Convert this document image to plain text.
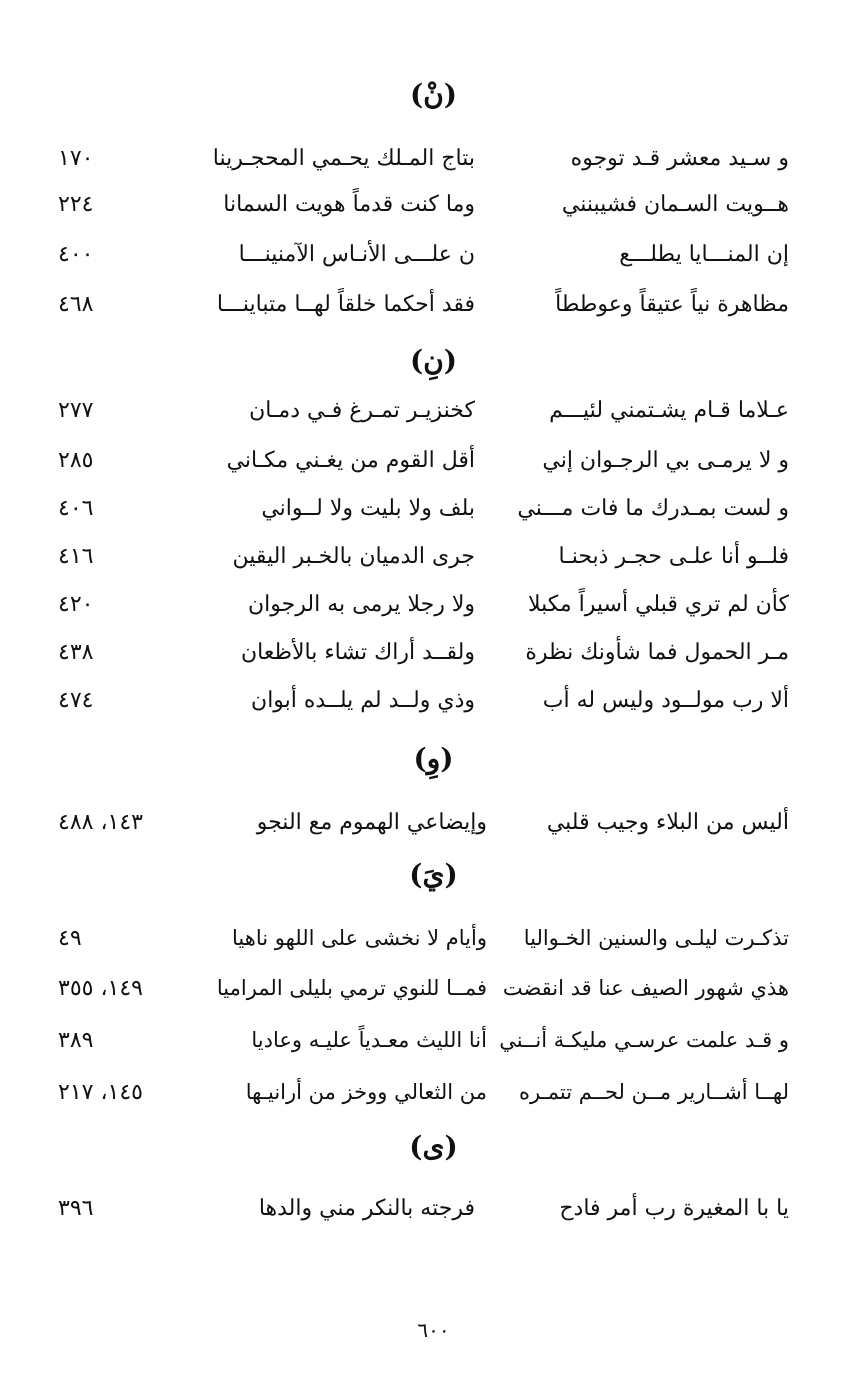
(نْ)
و سـيد معشر قـد توجوه
بتاج المـلك يحـمي المحجـرينا
١٧٠
هــويت السـمان فشيبنني
وما كنت قدماً هويت السمانا
٢٢٤
إن المنـــايا يطلـــع
ن علـــى الأنـاس الآمنينـــا
٤٠٠
مظاهرة نياً عتيقاً وعوططاً
فقد أحكما خلقاً لهــا متباينـــا
٤٦٨
(نِ)
عـلاما قـام يشـتمني لئيـــم
كخنزيـر تمـرغ فـي دمـان
٢٧٧
و لا يرمـى بي الرجـوان إني
أقل القوم من يغـني مكـاني
٢٨٥
و لست بمـدرك ما فات مـــني
بلف ولا بليت ولا لــواني
٤٠٦
فلــو أنا علـى حجـر ذبحنـا
جرى الدميان بالخـبر اليقين
٤١٦
كأن لم تري قبلي أسيراً مكبلا
ولا رجلا يرمى به الرجوان
٤٢٠
مـر الحمول فما شأونك نظرة
ولقــد أراك تشاء بالأظعان
٤٣٨
ألا رب مولــود وليس له أب
وذي ولــد لم يلــده أبوان
٤٧٤
(وِ)
أليس من البلاء وجيب قلبي
وإيضاعي الهموم مع النجو
١٤٣، ٤٨٨
(يَ)
تذكـرت ليلـى والسنين الخـواليا
وأيام لا نخشى على اللهو ناهيا
٤٩
هذي شهور الصيف عنا قد انقضت
فمــا للنوي ترمي بليلى المراميا
١٤٩، ٣٥٥
و قـد علمت عرسـي مليكـة أنــني
أنا الليث معـدياً عليـه وعاديا
٣٨٩
لهــا أشــارير مــن لحــم تتمـره
من الثعالي ووخز من أرانيـها
١٤٥، ٢١٧
(ى)
يا با المغيرة رب أمر فادح
فرجته بالنكر مني والدها
٣٩٦
٦٠٠
